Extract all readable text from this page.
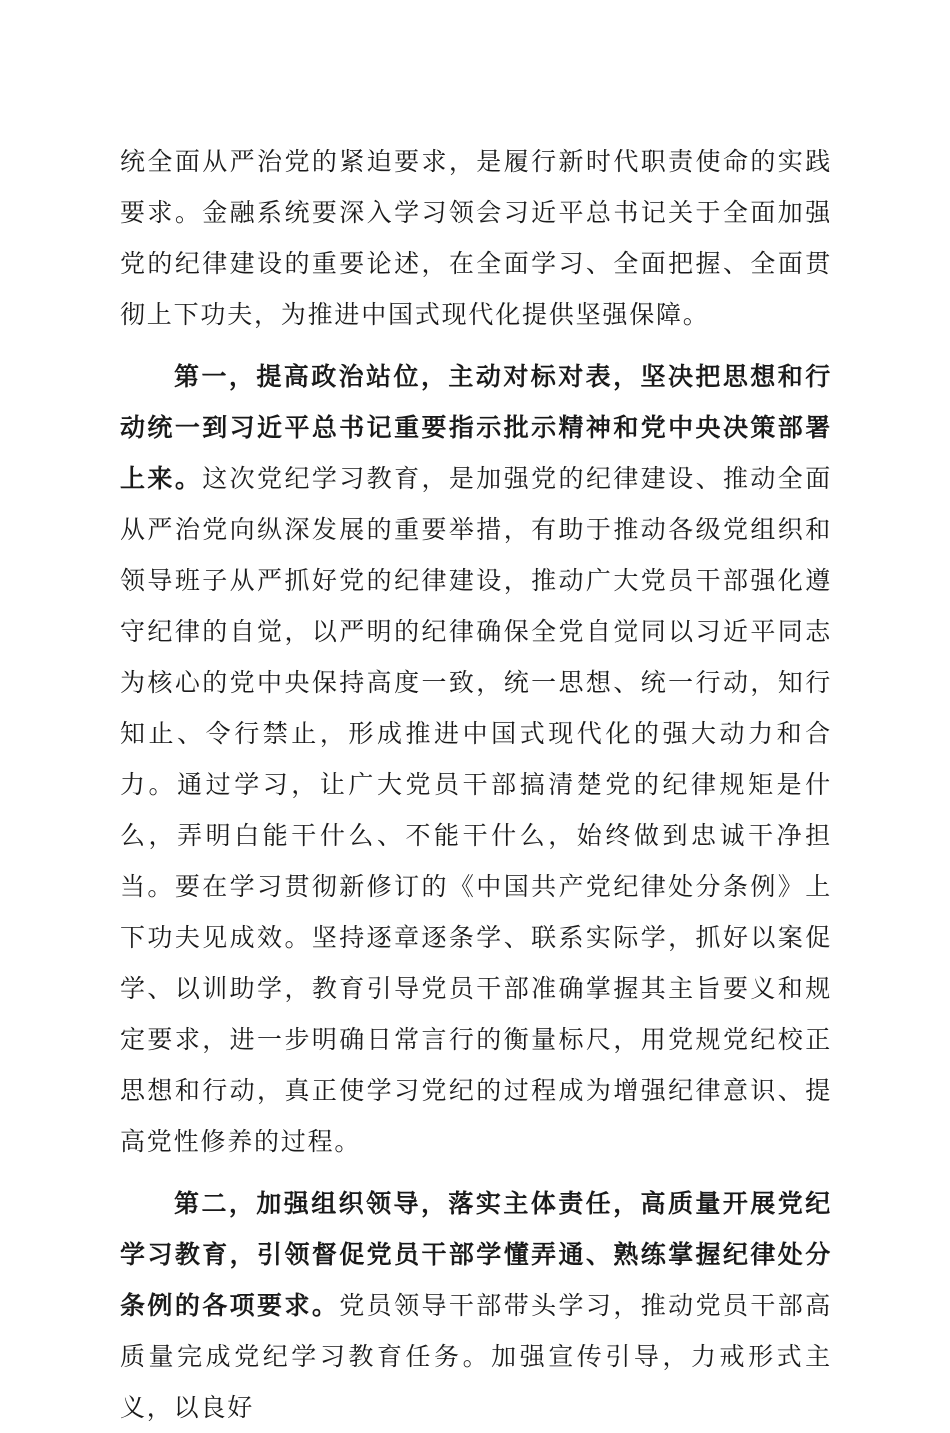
统全面从严治党的紧迫要求，是履行新时代职责使命的实践要求。金融系统要深入学习领会习近平总书记关于全面加强党的纪律建设的重要论述，在全面学习、全面把握、全面贯彻上下功夫，为推进中国式现代化提供坚强保障。

第一，提高政治站位，主动对标对表，坚决把思想和行动统一到习近平总书记重要指示批示精神和党中央决策部署上来。这次党纪学习教育，是加强党的纪律建设、推动全面从严治党向纵深发展的重要举措，有助于推动各级党组织和领导班子从严抓好党的纪律建设，推动广大党员干部强化遵守纪律的自觉，以严明的纪律确保全党自觉同以习近平同志为核心的党中央保持高度一致，统一思想、统一行动，知行知止、令行禁止，形成推进中国式现代化的强大动力和合力。通过学习，让广大党员干部搞清楚党的纪律规矩是什么，弄明白能干什么、不能干什么，始终做到忠诚干净担当。要在学习贯彻新修订的《中国共产党纪律处分条例》上下功夫见成效。坚持逐章逐条学、联系实际学，抓好以案促学、以训助学，教育引导党员干部准确掌握其主旨要义和规定要求，进一步明确日常言行的衡量标尺，用党规党纪校正思想和行动，真正使学习党纪的过程成为增强纪律意识、提高党性修养的过程。

第二，加强组织领导，落实主体责任，高质量开展党纪学习教育，引领督促党员干部学懂弄通、熟练掌握纪律处分条例的各项要求。党员领导干部带头学习，推动党员干部高质量完成党纪学习教育任务。加强宣传引导，力戒形式主义，以良好
